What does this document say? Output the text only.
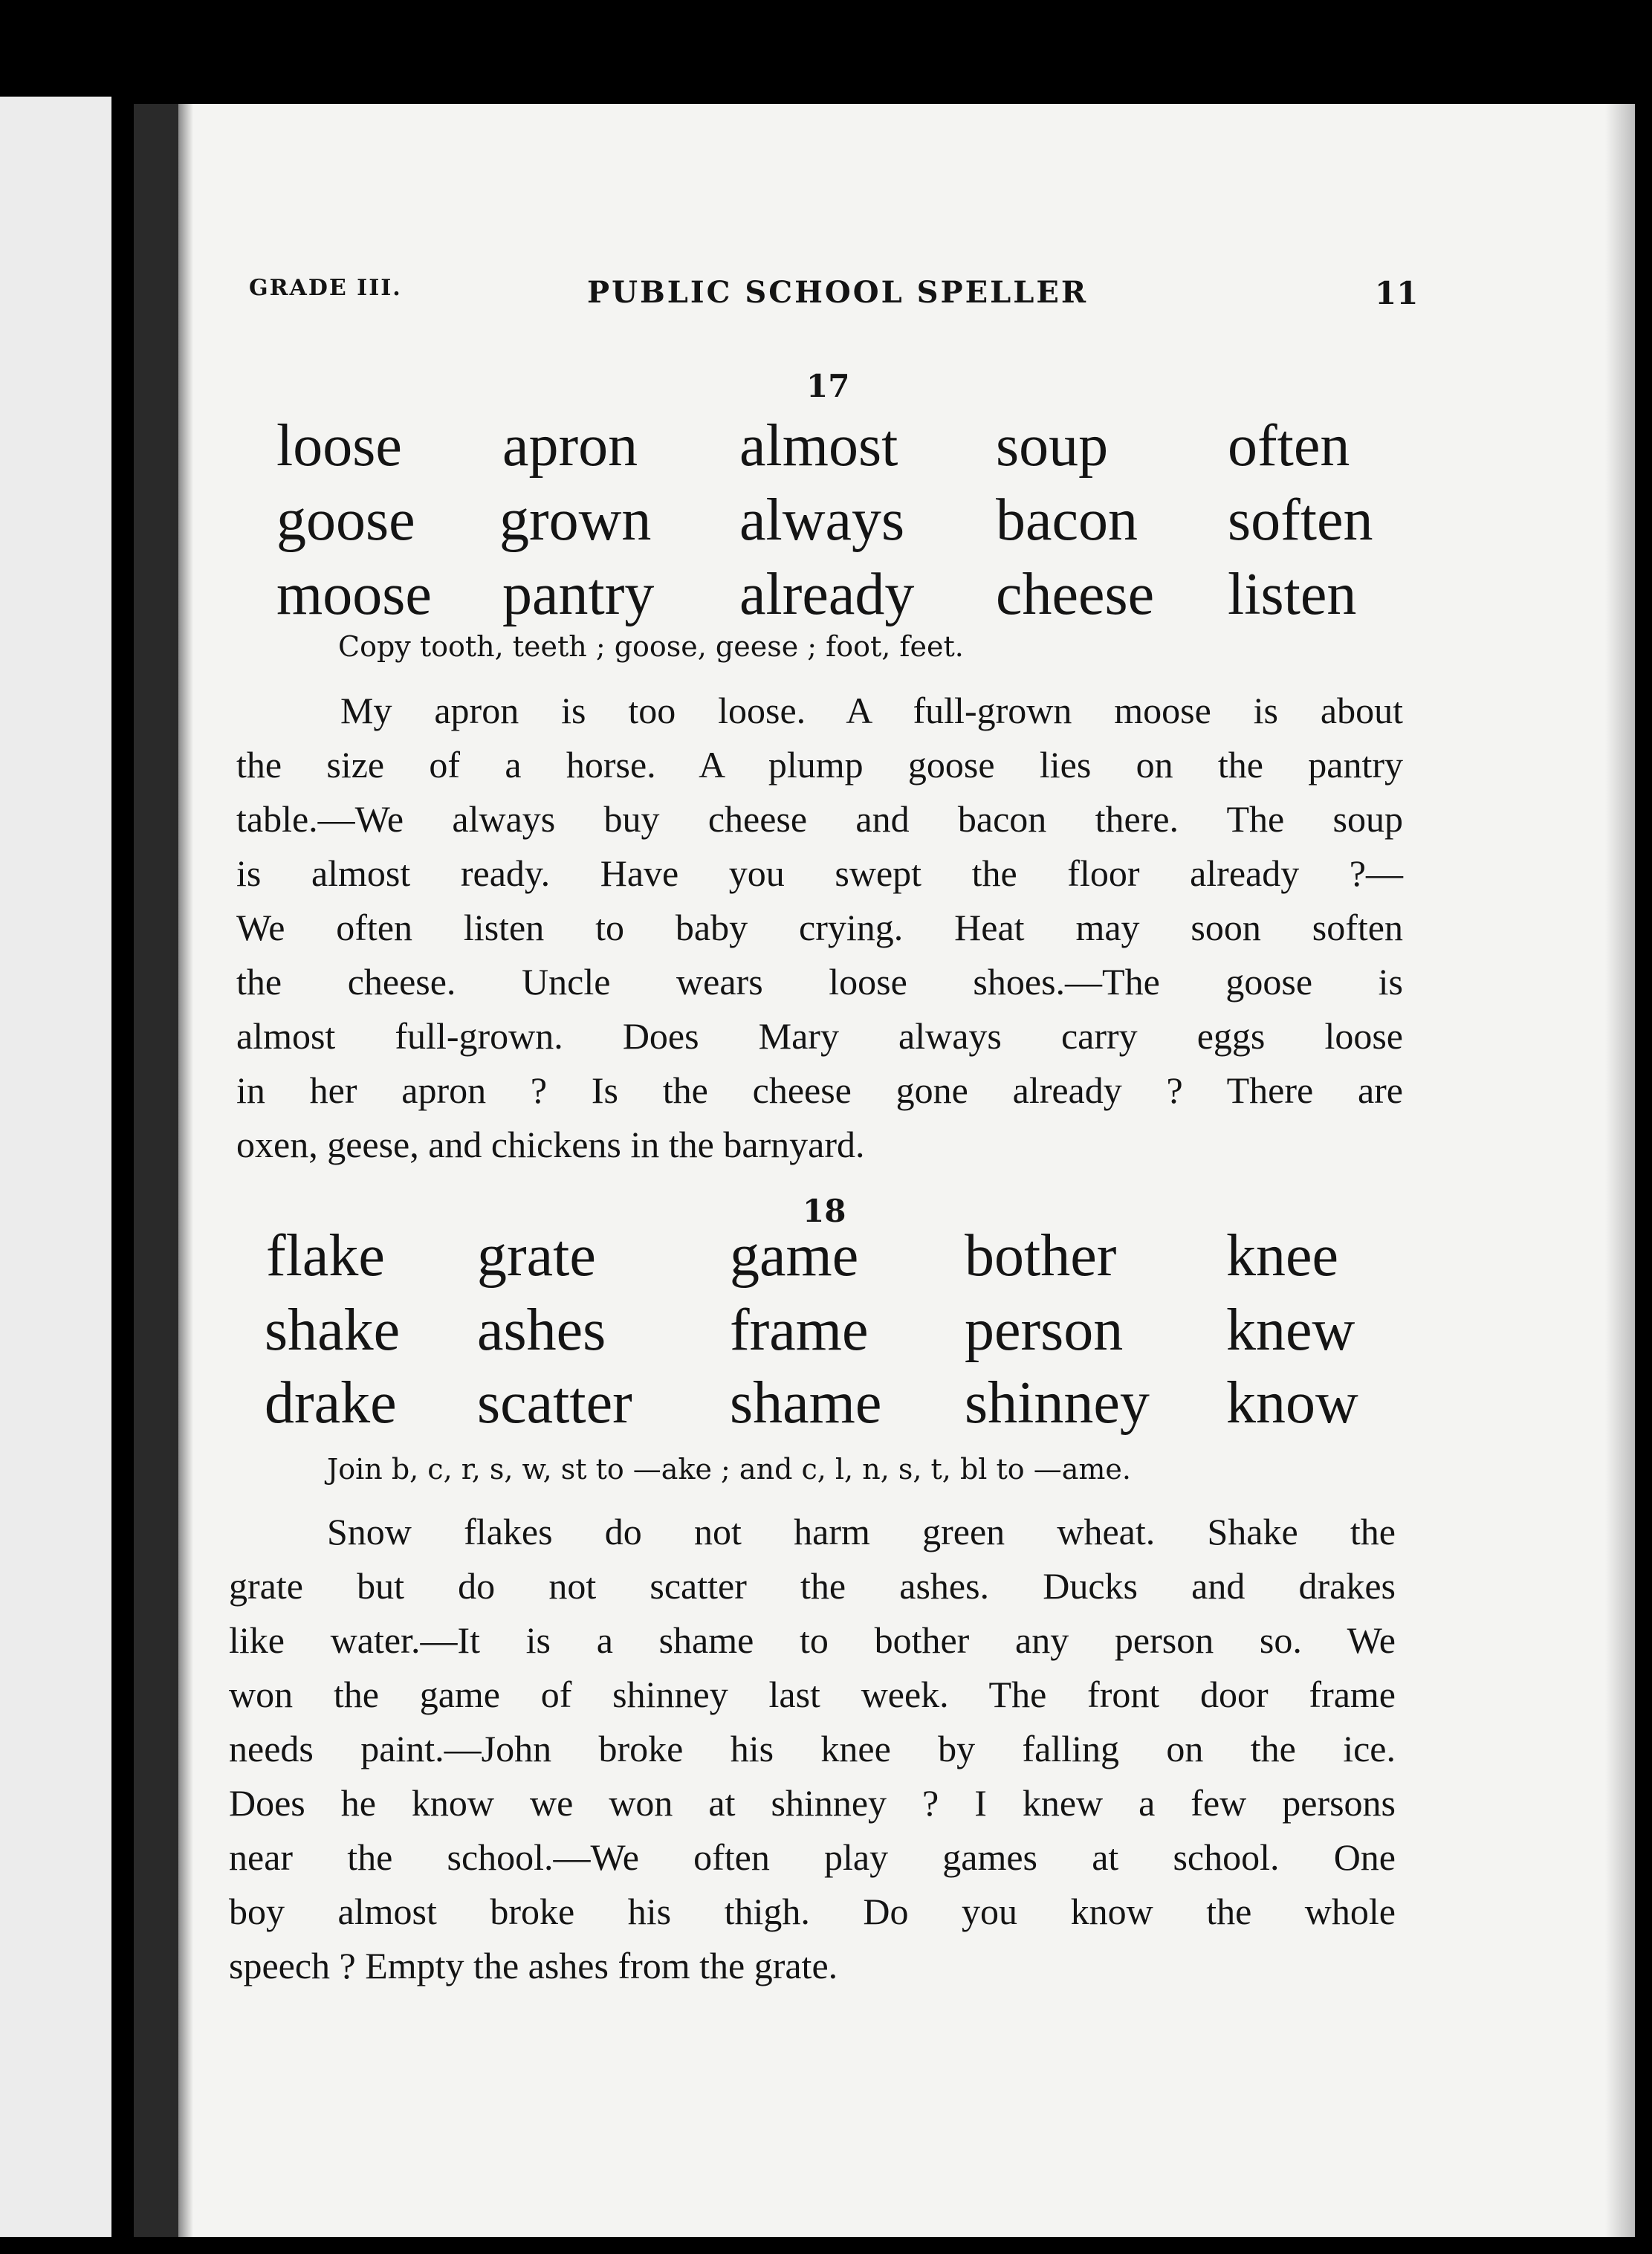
GRADE III.	PUBLIC SCHOOL SPELLER	11
17
loose apron almost soup often
goose grown always bacon soften
moose pantry already cheese listen
Copy tooth, teeth ; goose, geese ; foot, feet.
My apron is too loose. A full-grown moose is about
the size of a horse. A plump goose lies on the pantry
table.—We always buy cheese and bacon there. The soup
is almost ready. Have you swept the floor already ?—
We often listen to baby crying. Heat may soon soften
the cheese. Uncle wears loose shoes.—The goose is
almost full-grown. Does Mary always carry eggs loose
in her apron ? Is the cheese gone already ? There are
oxen, geese, and chickens in the barnyard.
18
flake grate game bother knee
shake ashes frame person knew
drake scatter shame shinney know
Join b, c, r, s, w, st to —ake ; and c, l, n, s, t, bl to —ame.
Snow flakes do not harm green wheat. Shake the
grate but do not scatter the ashes. Ducks and drakes
like water.—It is a shame to bother any person so. We
won the game of shinney last week. The front door frame
needs paint.—John broke his knee by falling on the ice.
Does he know we won at shinney ? I knew a few persons
near the school.—We often play games at school. One
boy almost broke his thigh. Do you know the whole
speech ? Empty the ashes from the grate.
